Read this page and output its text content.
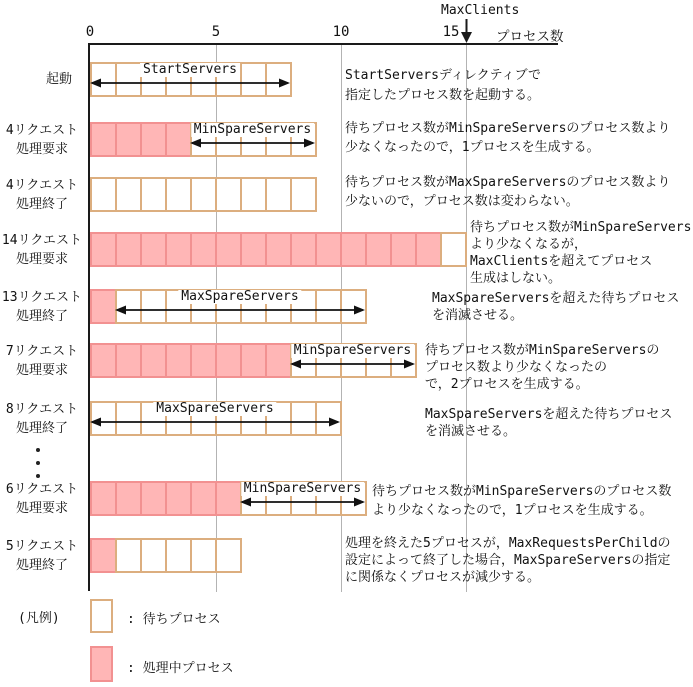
0	5	10	15	プロセス数
MaxClients
起動
StartServers	StartServersディレクティブで
指定したプロセス数を起動する。
4リクエスト
処理要求
MinSpareServers	待ちプロセス数がMinSpareServersのプロセス数より
少なくなったので，1プロセスを生成する。
4リクエスト
処理終了
待ちプロセス数がMaxSpareServersのプロセス数より
少ないので，プロセス数は変わらない。
14リクエスト
処理要求
待ちプロセス数がMinSpareServers
より少なくなるが，
MaxClientsを超えてプロセス
生成はしない。
13リクエスト
処理終了
MaxSpareServers	MaxSpareServersを超えた待ちプロセス
を消滅させる。
7リクエスト
処理要求
MinSpareServers 待ちプロセス数がMinSpareServersの
プロセス数より少なくなったの
で，2プロセスを生成する。
8リクエスト
処理終了
MaxSpareServers	MaxSpareServersを超えた待ちプロセス
を消滅させる。
6リクエスト
処理要求
MinSpareServers 待ちプロセス数がMinSpareServersのプロセス数
より少なくなったので，1プロセスを生成する。
5リクエスト
処理終了
処理を終えた5プロセスが，MaxRequestsPerChildの
設定によって終了した場合，MaxSpareServersの指定
に関係なくプロセスが減少する。
(凡例)	: 待ちプロセス
: 処理中プロセス
